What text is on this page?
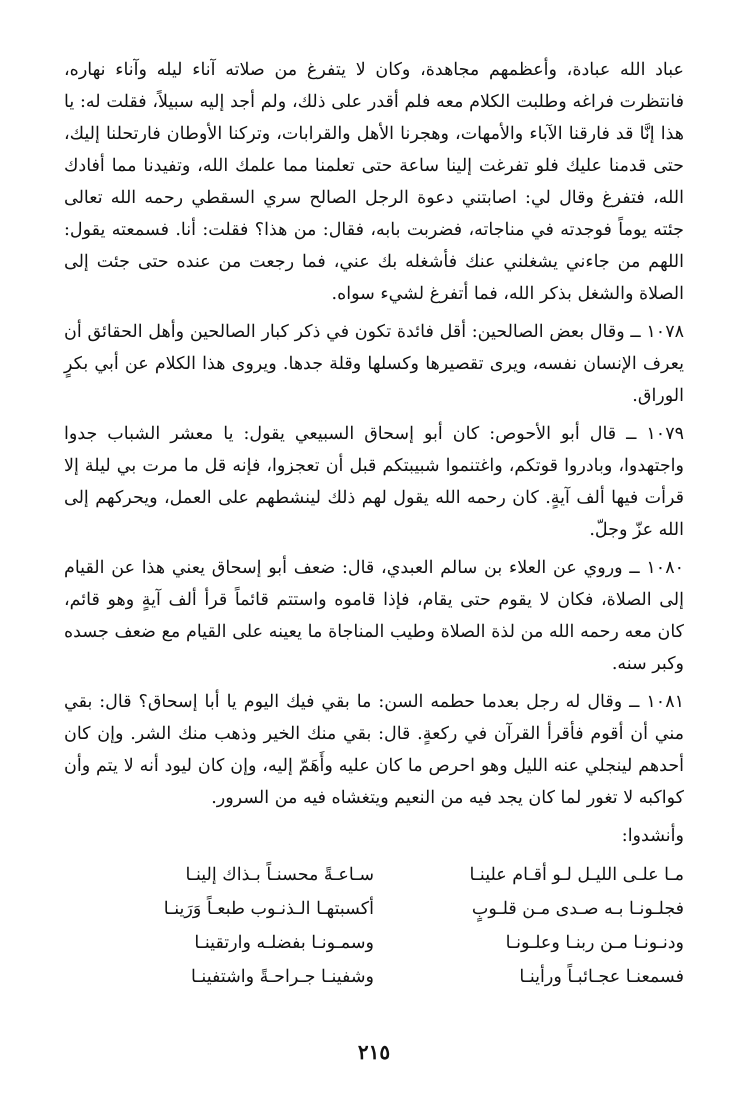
عباد الله عبادة، وأعظمهم مجاهدة، وكان لا يتفرغ من صلاته آناء ليله وآناء نهاره، فانتظرت فراغه وطلبت الكلام معه فلم أقدر على ذلك، ولم أجد إليه سبيلاً، فقلت له: يا هذا إنَّا قد فارقنا الآباء والأمهات، وهجرنا الأهل والقرابات، وتركنا الأوطان فارتحلنا إليك، حتى قدمنا عليك فلو تفرغت إلينا ساعة حتى تعلمنا مما علمك الله، وتفيدنا مما أفادك الله، فتفرغ وقال لي: اصابتني دعوة الرجل الصالح سري السقطي رحمه الله تعالى جئته يوماً فوجدته في مناجاته، فضربت بابه، فقال: من هذا؟ فقلت: أنا. فسمعته يقول: اللهم من جاءني يشغلني عنك فأشغله بك عني، فما رجعت من عنده حتى جئت إلى الصلاة والشغل بذكر الله، فما أتفرغ لشيء سواه.

١٠٧٨ ــ وقال بعض الصالحين: أقل فائدة تكون في ذكر كبار الصالحين وأهل الحقائق أن يعرف الإنسان نفسه، ويرى تقصيرها وكسلها وقلة جدها. ويروى هذا الكلام عن أبي بكرٍ الوراق.

١٠٧٩ ــ قال أبو الأحوص: كان أبو إسحاق السبيعي يقول: يا معشر الشباب جدوا واجتهدوا، وبادروا قوتكم، واغتنموا شبيبتكم قبل أن تعجزوا، فإنه قل ما مرت بي ليلة إلا قرأت فيها ألف آيةٍ. كان رحمه الله يقول لهم ذلك لينشطهم على العمل، ويحركهم إلى الله عزّ وجلّ.

١٠٨٠ ــ وروي عن العلاء بن سالم العبدي، قال: ضعف أبو إسحاق يعني هذا عن القيام إلى الصلاة، فكان لا يقوم حتى يقام، فإذا قاموه واستتم قائماً قرأ ألف آيةٍ وهو قائم، كان معه رحمه الله من لذة الصلاة وطيب المناجاة ما يعينه على القيام مع ضعف جسده وكبر سنه.

١٠٨١ ــ وقال له رجل بعدما حطمه السن: ما بقي فيك اليوم يا أبا إسحاق؟ قال: بقي مني أن أقوم فأقرأ القرآن في ركعةٍ. قال: بقي منك الخير وذهب منك الشر. وإن كان أحدهم لينجلي عنه الليل وهو احرص ما كان عليه وأَهَمّ إليه، وإن كان ليود أنه لا يتم وأن كواكبه لا تغور لما كان يجد فيه من النعيم ويتغشاه فيه من السرور.

وأنشدوا:

مـا علـى الليـل لـو أقـام علينـا
سـاعـةً محسنـاً بـذاك إلينـا
فجلـونـا بـه صـدى مـن قلـوبٍ
أكسبتهـا الـذنـوب طبعـاً وَرَينـا
ودنـونـا مـن ربنـا وعلـونـا
وسمـونـا بفضلـه وارتقينـا
فسمعنـا عجـائبـاً ورأينـا
وشفينـا جـراحـةً واشتفينـا
٢١٥
